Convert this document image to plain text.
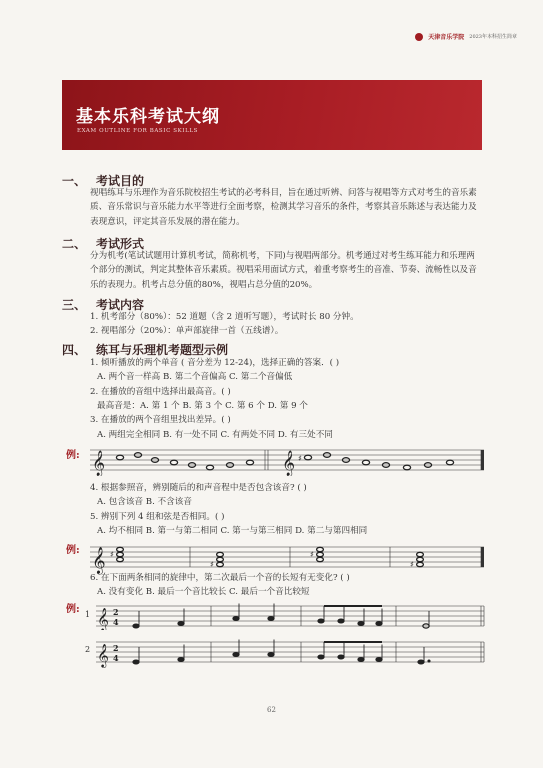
天津音乐学院 2023年本科招生简章
基本乐科考试大纲
EXAM OUTLINE FOR BASIC SKILLS
一、 考试目的
视唱练耳与乐理作为音乐院校招生考试的必考科目，旨在通过听辨、问答与视唱等方式对考生的音乐素质、音乐常识与音乐能力水平等进行全面考察，检测其学习音乐的条件，考察其音乐陈述与表达能力及表现意识，评定其音乐发展的潜在能力。
二、 考试形式
分为机考(笔试试题用计算机考试，简称机考，下同)与视唱两部分。机考通过对考生练耳能力和乐理两个部分的测试，判定其整体音乐素质。视唱采用面试方式，着重考察考生的音准、节奏、流畅性以及音乐的表现力。机考占总分值的80%，视唱占总分值的20%。
三、 考试内容
1. 机考部分（80%）：52 道题（含 2 道听写题），考试时长 80 分钟。
2. 视唱部分（20%）：单声部旋律一首（五线谱）。
四、 练耳与乐理机考题型示例
1. 倾听播放的两个单音 ( 音分差为 12-24)，选择正确的答案．( )
A. 两个音一样高 B. 第二个音偏高 C. 第二个音偏低
2. 在播放的音组中选择出最高音。( )
最高音是：A. 第 1 个 B. 第 3 个 C. 第 6 个 D. 第 9 个
3. 在播放的两个音组里找出差异。( )
A. 两组完全相同 B. 有一处不同 C. 有两处不同 D. 有三处不同
例: 𝄞	𝄞 ♯
4. 根据参照音，辨别随后的和声音程中是否包含该音? ( )
A. 包含该音 B. 不含该音
5. 辨别下列 4 组和弦是否相同。( )
A. 均不相同 B. 第一与第二相同 C. 第一与第三相同 D. 第二与第四相同
例: 𝄞 ♯
♯
♯
♯
6. 在下面两条相同的旋律中，第二次最后一个音的长短有无变化? ( )
A. 没有变化 B. 最后一个音比较长 C. 最后一个音比较短
例: 1 𝄞 2
4
2 𝄞 2
4
62
